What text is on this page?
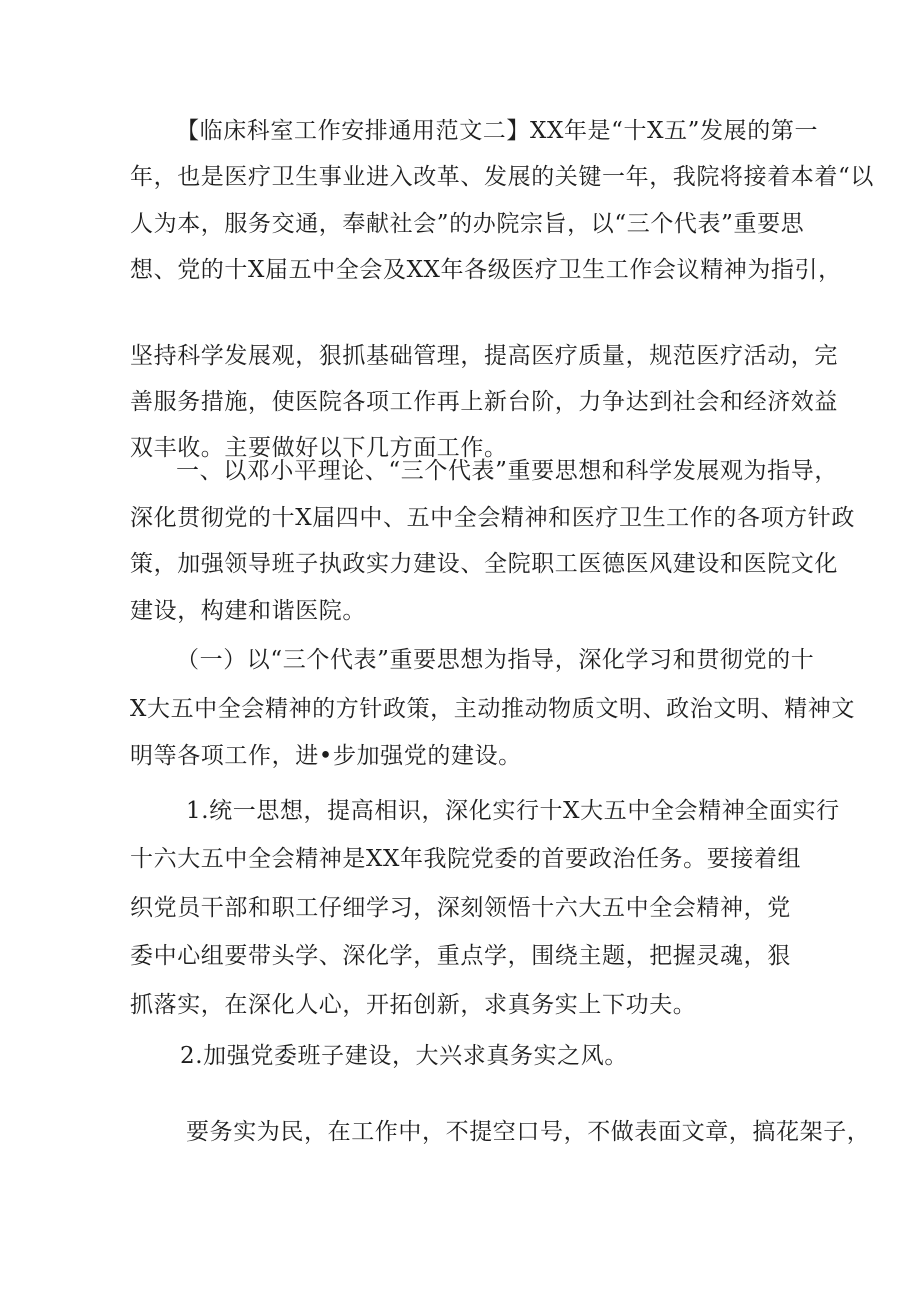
【临床科室工作安排通用范文二】XX年是“十X五”发展的第一

年，也是医疗卫生事业进入改革、发展的关键一年，我院将接着本着“以

人为本，服务交通，奉献社会”的办院宗旨，以“三个代表”重要思

想、党的十X届五中全会及XX年各级医疗卫生工作会议精神为指引，

坚持科学发展观，狠抓基础管理，提高医疗质量，规范医疗活动，完

善服务措施，使医院各项工作再上新台阶，力争达到社会和经济效益

双丰收。主要做好以下几方面工作。

一、以邓小平理论、“三个代表”重要思想和科学发展观为指导，

深化贯彻党的十X届四中、五中全会精神和医疗卫生工作的各项方针政

策，加强领导班子执政实力建设、全院职工医德医风建设和医院文化

建设，构建和谐医院。

（一）以“三个代表”重要思想为指导，深化学习和贯彻党的十

X大五中全会精神的方针政策，主动推动物质文明、政治文明、精神文

明等各项工作，进•步加强党的建设。

1.统一思想，提高相识，深化实行十X大五中全会精神全面实行

十六大五中全会精神是XX年我院党委的首要政治任务。要接着组

织党员干部和职工仔细学习，深刻领悟十六大五中全会精神，党

委中心组要带头学、深化学，重点学，围绕主题，把握灵魂，狠

抓落实，在深化人心，开拓创新，求真务实上下功夫。

2.加强党委班子建设，大兴求真务实之风。

要务实为民，在工作中，不提空口号，不做表面文章，搞花架子，
